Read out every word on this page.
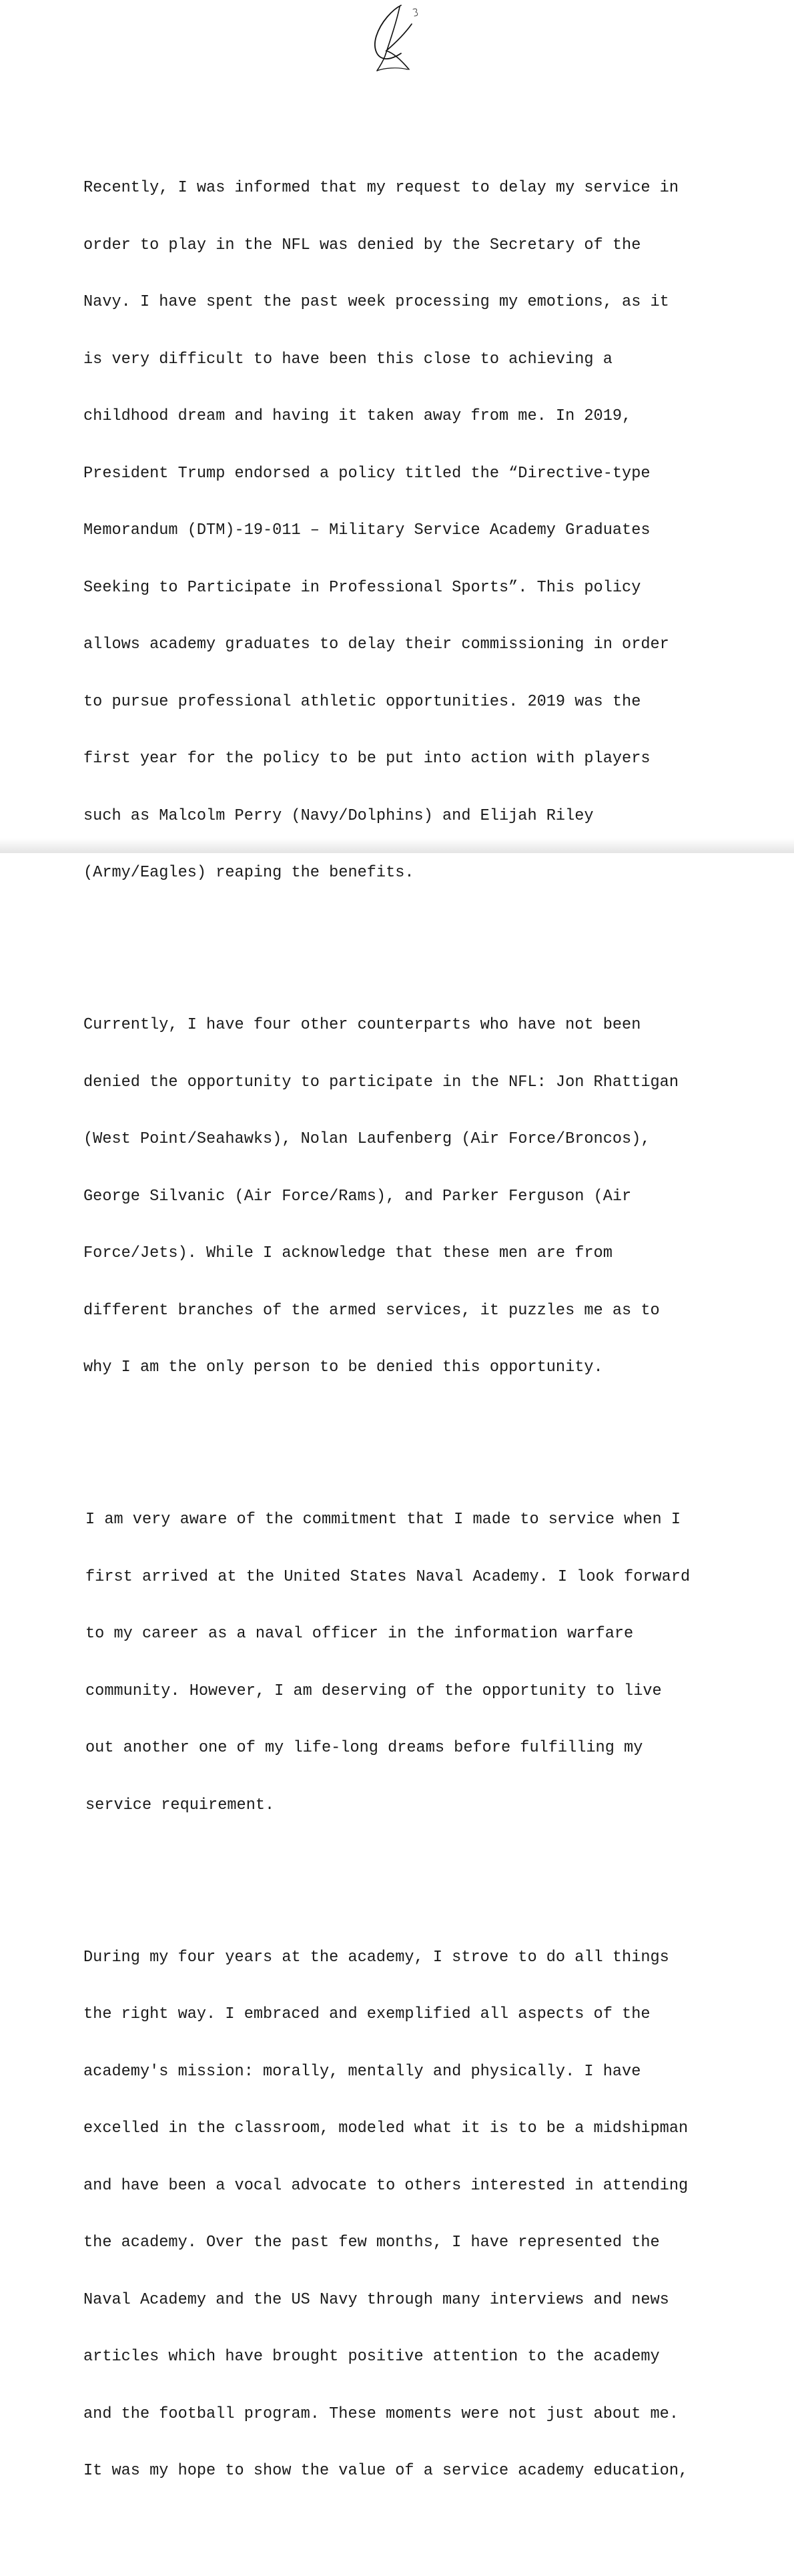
Recently, I was informed that my request to delay my service in

order to play in the NFL was denied by the Secretary of the

Navy. I have spent the past week processing my emotions, as it

is very difficult to have been this close to achieving a

childhood dream and having it taken away from me. In 2019,

President Trump endorsed a policy titled the “Directive-type

Memorandum (DTM)-19-011 – Military Service Academy Graduates

Seeking to Participate in Professional Sports”. This policy

allows academy graduates to delay their commissioning in order

to pursue professional athletic opportunities. 2019 was the

first year for the policy to be put into action with players

such as Malcolm Perry (Navy/Dolphins) and Elijah Riley

(Army/Eagles) reaping the benefits.

Currently, I have four other counterparts who have not been

denied the opportunity to participate in the NFL: Jon Rhattigan

(West Point/Seahawks), Nolan Laufenberg (Air Force/Broncos),

George Silvanic (Air Force/Rams), and Parker Ferguson (Air

Force/Jets). While I acknowledge that these men are from

different branches of the armed services, it puzzles me as to

why I am the only person to be denied this opportunity.

I am very aware of the commitment that I made to service when I

first arrived at the United States Naval Academy. I look forward

to my career as a naval officer in the information warfare

community. However, I am deserving of the opportunity to live

out another one of my life-long dreams before fulfilling my

service requirement.

During my four years at the academy, I strove to do all things

the right way. I embraced and exemplified all aspects of the

academy's mission: morally, mentally and physically. I have

excelled in the classroom, modeled what it is to be a midshipman

and have been a vocal advocate to others interested in attending

the academy. Over the past few months, I have represented the

Naval Academy and the US Navy through many interviews and news

articles which have brought positive attention to the academy

and the football program. These moments were not just about me.

It was my hope to show the value of a service academy education,
